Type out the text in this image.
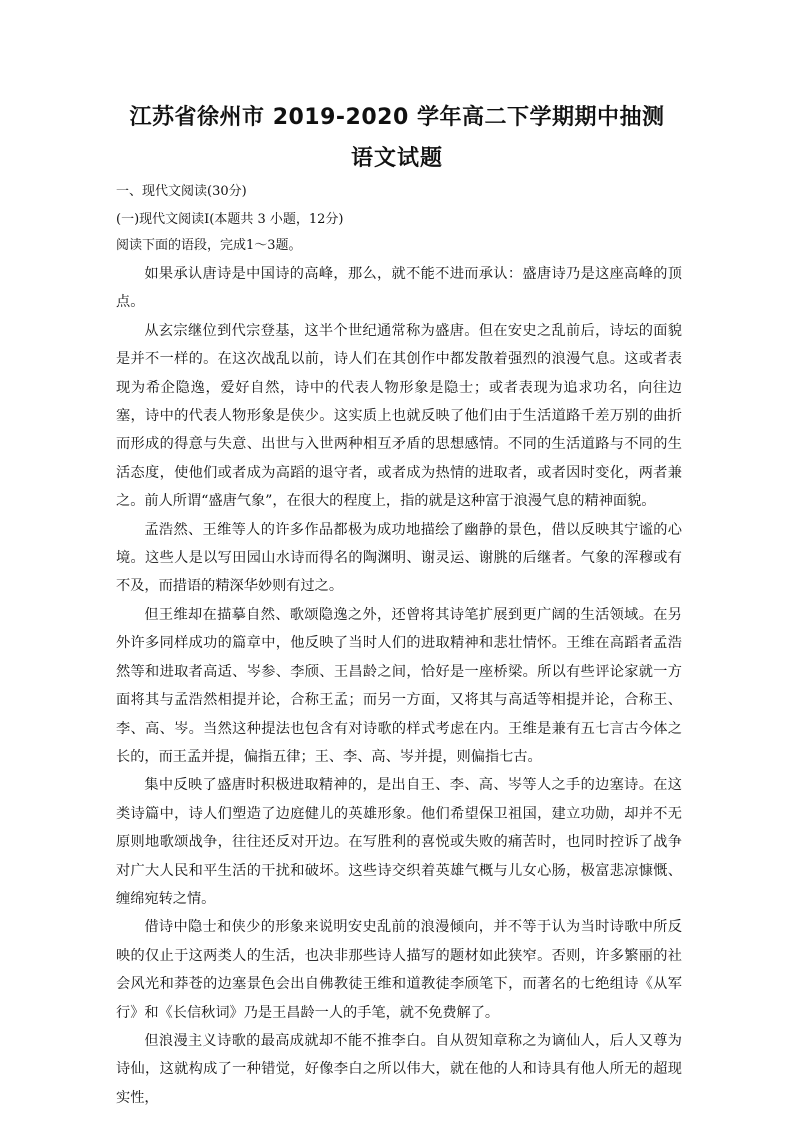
江苏省徐州市 2019-2020 学年高二下学期期中抽测
语文试题

一、现代文阅读(30分)

(一)现代文阅读Ⅰ(本题共 3 小题，12分)

阅读下面的语段，完成1～3题。

如果承认唐诗是中国诗的高峰，那么，就不能不进而承认：盛唐诗乃是这座高峰的顶点。

从玄宗继位到代宗登基，这半个世纪通常称为盛唐。但在安史之乱前后，诗坛的面貌是并不一样的。在这次战乱以前，诗人们在其创作中都发散着强烈的浪漫气息。这或者表现为希企隐逸，爱好自然，诗中的代表人物形象是隐士；或者表现为追求功名，向往边塞，诗中的代表人物形象是侠少。这实质上也就反映了他们由于生活道路千差万别的曲折而形成的得意与失意、出世与入世两种相互矛盾的思想感情。不同的生活道路与不同的生活态度，使他们或者成为高蹈的退守者，或者成为热情的进取者，或者因时变化，两者兼之。前人所谓“盛唐气象”，在很大的程度上，指的就是这种富于浪漫气息的精神面貌。

孟浩然、王维等人的许多作品都极为成功地描绘了幽静的景色，借以反映其宁谧的心境。这些人是以写田园山水诗而得名的陶渊明、谢灵运、谢朓的后继者。气象的浑穆或有不及，而措语的精深华妙则有过之。

但王维却在描摹自然、歌颂隐逸之外，还曾将其诗笔扩展到更广阔的生活领域。在另外许多同样成功的篇章中，他反映了当时人们的进取精神和悲壮情怀。王维在高蹈者孟浩然等和进取者高适、岑参、李颀、王昌龄之间，恰好是一座桥梁。所以有些评论家就一方面将其与孟浩然相提并论，合称王孟；而另一方面，又将其与高适等相提并论，合称王、李、高、岑。当然这种提法也包含有对诗歌的样式考虑在内。王维是兼有五七言古今体之长的，而王孟并提，偏指五律；王、李、高、岑并提，则偏指七古。

集中反映了盛唐时积极进取精神的，是出自王、李、高、岑等人之手的边塞诗。在这类诗篇中，诗人们塑造了边庭健儿的英雄形象。他们希望保卫祖国，建立功勋，却并不无原则地歌颂战争，往往还反对开边。在写胜利的喜悦或失败的痛苦时，也同时控诉了战争对广大人民和平生活的干扰和破坏。这些诗交织着英雄气概与儿女心肠，极富悲凉慷慨、缠绵宛转之情。

借诗中隐士和侠少的形象来说明安史乱前的浪漫倾向，并不等于认为当时诗歌中所反映的仅止于这两类人的生活，也决非那些诗人描写的题材如此狭窄。否则，许多繁丽的社会风光和莽苍的边塞景色会出自佛教徒王维和道教徒李颀笔下，而著名的七绝组诗《从军行》和《长信秋词》乃是王昌龄一人的手笔，就不免费解了。

但浪漫主义诗歌的最高成就却不能不推李白。自从贺知章称之为谪仙人，后人又尊为诗仙，这就构成了一种错觉，好像李白之所以伟大，就在他的人和诗具有他人所无的超现实性，
